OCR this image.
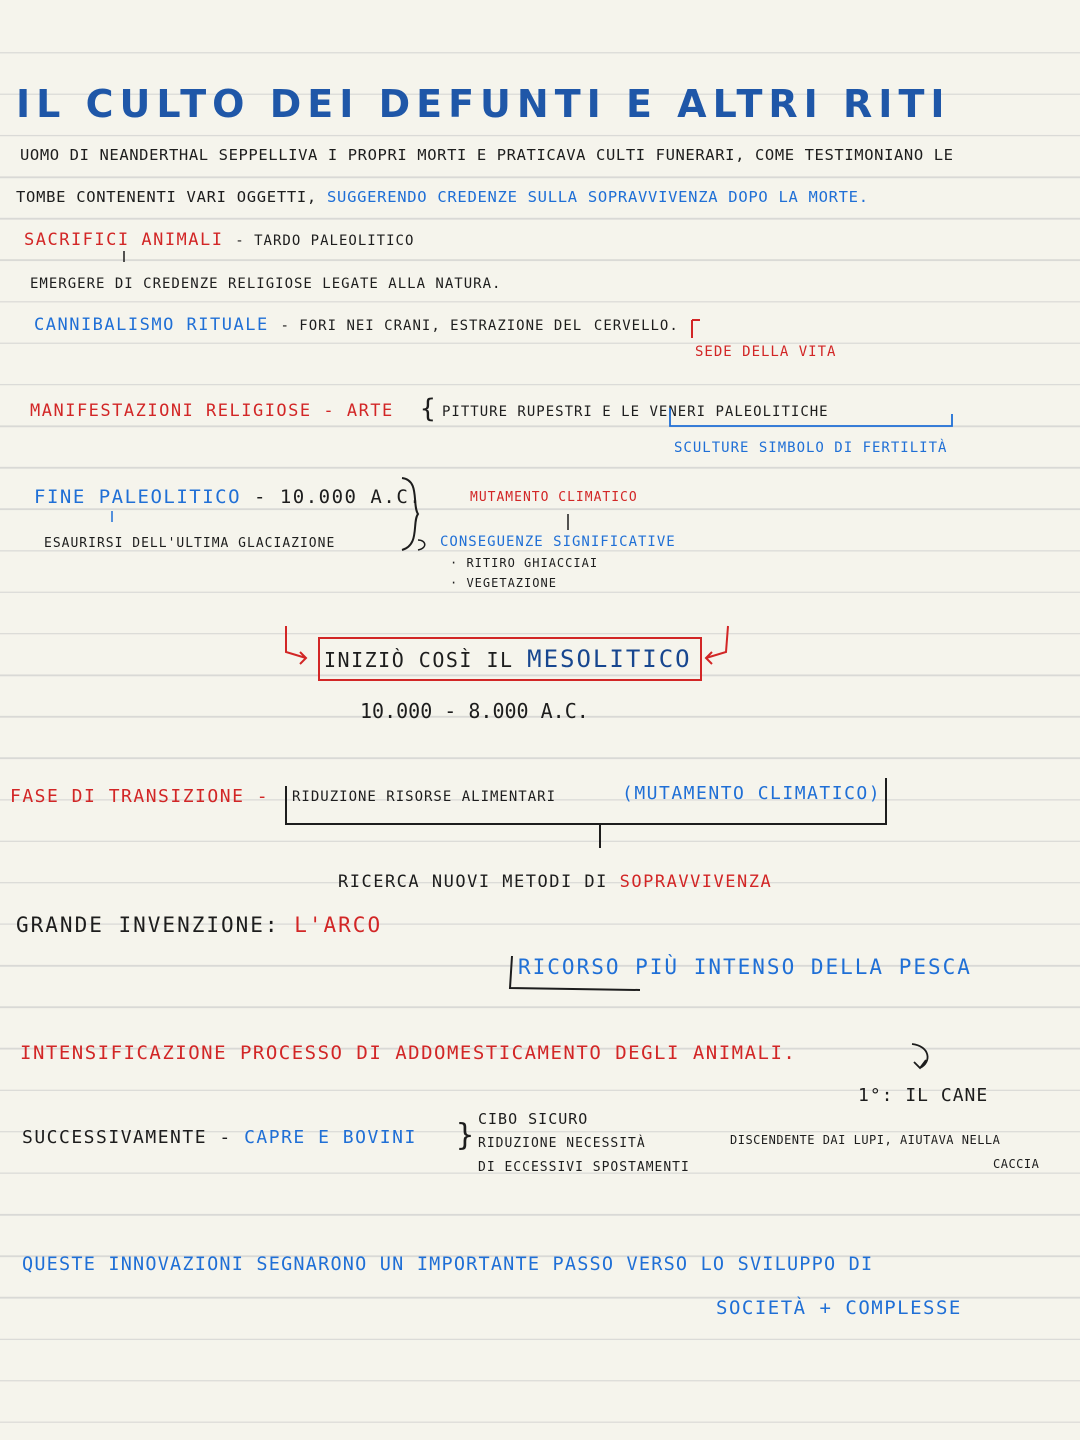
IL CULTO DEI DEFUNTI E ALTRI RITI
UOMO DI NEANDERTHAL SEPPELLIVA I PROPRI MORTI E PRATICAVA CULTI FUNERARI, COME TESTIMONIANO LE
TOMBE CONTENENTI VARI OGGETTI, SUGGERENDO CREDENZE SULLA SOPRAVVIVENZA DOPO LA MORTE.
SACRIFICI ANIMALI - TARDO PALEOLITICO
EMERGERE DI CREDENZE RELIGIOSE LEGATE ALLA NATURA.
CANNIBALISMO RITUALE - FORI NEI CRANI, ESTRAZIONE DEL CERVELLO.
SEDE DELLA VITA
MANIFESTAZIONI RELIGIOSE - ARTE { PITTURE RUPESTRI E LE VENERI PALEOLITICHE
SCULTURE SIMBOLO DI FERTILITÀ
FINE PALEOLITICO - 10.000 A.C.
ESAURIRSI DELL'ULTIMA GLACIAZIONE
MUTAMENTO CLIMATICO
CONSEGUENZE SIGNIFICATIVE
· RITIRO GHIACCIAI
· VEGETAZIONE
INIZIÒ COSÌ IL MESOLITICO
10.000 - 8.000 A.C.
FASE DI TRANSIZIONE - RIDUZIONE RISORSE ALIMENTARI	(MUTAMENTO CLIMATICO)
RICERCA NUOVI METODI DI SOPRAVVIVENZA
GRANDE INVENZIONE: L'ARCO
RICORSO PIÙ INTENSO DELLA PESCA
INTENSIFICAZIONE PROCESSO DI ADDOMESTICAMENTO DEGLI ANIMALI.
1°: IL CANE
SUCCESSIVAMENTE - CAPRE E BOVINI } CIBO SICURO
RIDUZIONE NECESSITÀ
DI ECCESSIVI SPOSTAMENTI
DISCENDENTE DAI LUPI, AIUTAVA NELLA
CACCIA
QUESTE INNOVAZIONI SEGNARONO UN IMPORTANTE PASSO VERSO LO SVILUPPO DI
SOCIETÀ + COMPLESSE
